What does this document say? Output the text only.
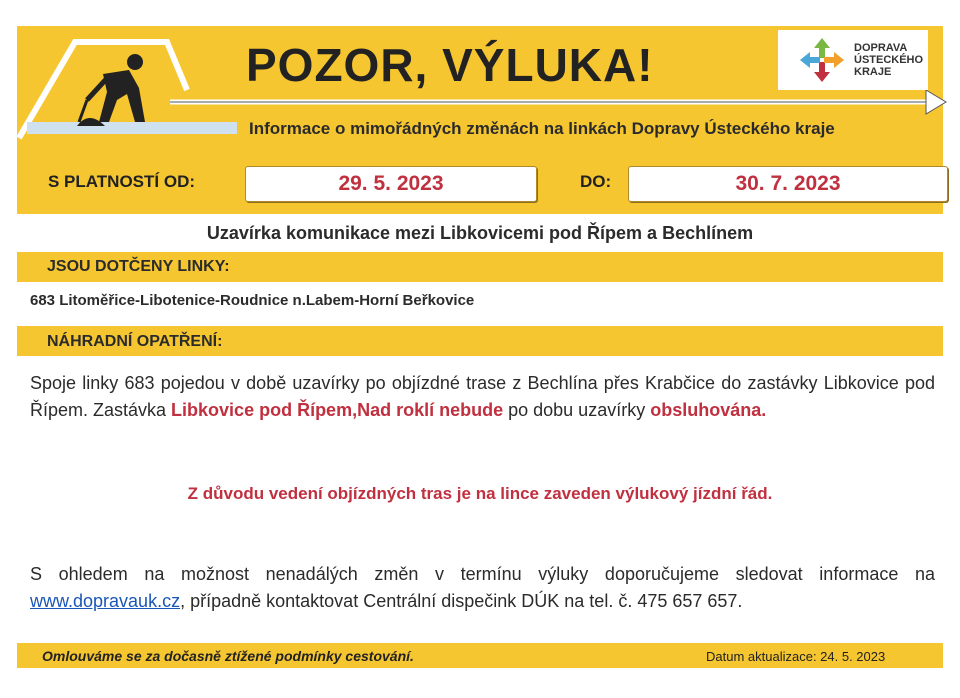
POZOR, VÝLUKA!	DOPRAVA
ÚSTECKÉHO
KRAJE
Informace o mimořádných změnách na linkách Dopravy Ústeckého kraje
S PLATNOSTÍ OD:	29. 5. 2023	DO:	30. 7. 2023
Uzavírka komunikace mezi Libkovicemi pod Řípem a Bechlínem
JSOU DOTČENY LINKY:
683 Litoměřice-Libotenice-Roudnice n.Labem-Horní Beřkovice
NÁHRADNÍ OPATŘENÍ:
Spoje linky 683 pojedou v době uzavírky po objízdné trase z Bechlína přes Krabčice do zastávky Libkovice pod Řípem. Zastávka Libkovice pod Řípem,Nad roklí nebude po dobu uzavírky obsluhována.
Z důvodu vedení objízdných tras je na lince zaveden výlukový jízdní řád.
S ohledem na možnost nenadálých změn v termínu výluky doporučujeme sledovat informace na www.dopravauk.cz, případně kontaktovat Centrální dispečink DÚK na tel. č. 475 657 657.
Omlouváme se za dočasně ztížené podmínky cestování.	Datum aktualizace: 24. 5. 2023
